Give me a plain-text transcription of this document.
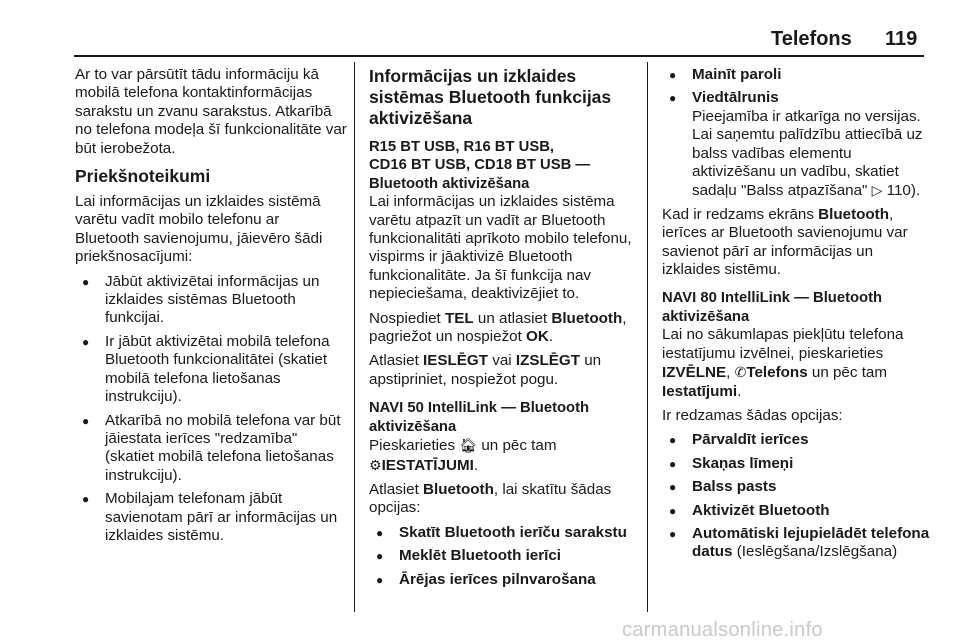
Telefons 119

Ar to var pārsūtīt tādu informāciju kā mobilā telefona kontaktinformācijas sarakstu un zvanu sarakstus. Atkarībā no telefona modeļa šī funkcionalitāte var būt ierobežota.

Priekšnoteikumi

Lai informācijas un izklaides sistēmā varētu vadīt mobilo telefonu ar Bluetooth savienojumu, jāievēro šādi priekšnosacījumi:

● Jābūt aktivizētai informācijas un izklaides sistēmas Bluetooth funkcijai.
● Ir jābūt aktivizētai mobilā telefona Bluetooth funkcionalitātei (skatiet mobilā telefona lietošanas instrukciju).
● Atkarībā no mobilā telefona var būt jāiestata ierīces "redzamība" (skatiet mobilā telefona lietošanas instrukciju).
● Mobilajam telefonam jābūt savienotam pārī ar informācijas un izklaides sistēmu.
Informācijas un izklaides sistēmas Bluetooth funkcijas aktivizēšana
R15 BT USB, R16 BT USB,
CD16 BT USB, CD18 BT USB —
Bluetooth aktivizēšana

Lai informācijas un izklaides sistēma varētu atpazīt un vadīt ar Bluetooth funkcionalitāti aprīkoto mobilo telefonu, vispirms ir jāaktivizē Bluetooth funkcionalitāte. Ja šī funkcija nav nepieciešama, deaktivizējiet to.

Nospiediet TEL un atlasiet Bluetooth, pagriežot un nospiežot OK.

Atlasiet IESLĒGT vai IZSLĒGT un apstipriniet, nospiežot pogu.

NAVI 50 IntelliLink — Bluetooth
aktivizēšana

Pieskarieties 🏠︎ un pēc tam
⚙IESTATĪJUMI.

Atlasiet Bluetooth, lai skatītu šādas opcijas:

● Skatīt Bluetooth ierīču sarakstu
● Meklēt Bluetooth ierīci
● Ārējas ierīces pilnvarošana
● Mainīt paroli
● Viedtālrunis
Pieejamība ir atkarīga no versijas. Lai saņemtu palīdzību attiecībā uz balss vadības elementu aktivizēšanu un vadību, skatiet sadaļu "Balss atpazīšana" ▷ 110).

Kad ir redzams ekrāns Bluetooth, ierīces ar Bluetooth savienojumu var savienot pārī ar informācijas un izklaides sistēmu.

NAVI 80 IntelliLink — Bluetooth
aktivizēšana

Lai no sākumlapas piekļūtu telefona iestatījumu izvēlnei, pieskarieties
IZVĒLNE, ✆Telefons un pēc tam
Iestatījumi.

Ir redzamas šādas opcijas:

● Pārvaldīt ierīces
● Skaņas līmeņi
● Balss pasts
● Aktivizēt Bluetooth
● Automātiski lejupielādēt telefona datus (Ieslēgšana/Izslēgšana)
carmanualsonline.info
